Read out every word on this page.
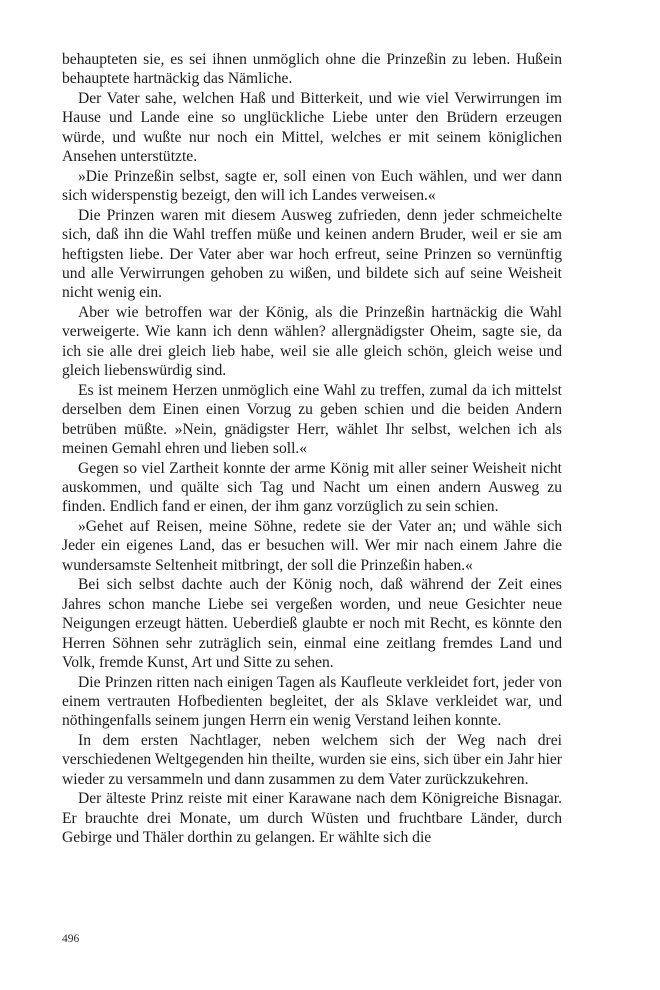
behaupteten sie, es sei ihnen unmöglich ohne die Prinzeßin zu leben. Hußein behauptete hartnäckig das Nämliche.

Der Vater sahe, welchen Haß und Bitterkeit, und wie viel Verwirrungen im Hause und Lande eine so unglückliche Liebe unter den Brüdern erzeugen würde, und wußte nur noch ein Mittel, welches er mit seinem königlichen Ansehen unterstützte.

»Die Prinzeßin selbst, sagte er, soll einen von Euch wählen, und wer dann sich widerspenstig bezeigt, den will ich Landes verweisen.«

Die Prinzen waren mit diesem Ausweg zufrieden, denn jeder schmeichelte sich, daß ihn die Wahl treffen müße und keinen andern Bruder, weil er sie am heftigsten liebe. Der Vater aber war hoch erfreut, seine Prinzen so vernünftig und alle Verwirrungen gehoben zu wißen, und bildete sich auf seine Weisheit nicht wenig ein.

Aber wie betroffen war der König, als die Prinzeßin hartnäckig die Wahl verweigerte. Wie kann ich denn wählen? allergnädigster Oheim, sagte sie, da ich sie alle drei gleich lieb habe, weil sie alle gleich schön, gleich weise und gleich liebenswürdig sind.

Es ist meinem Herzen unmöglich eine Wahl zu treffen, zumal da ich mittelst derselben dem Einen einen Vorzug zu geben schien und die beiden Andern betrüben müßte. »Nein, gnädigster Herr, wählet Ihr selbst, welchen ich als meinen Gemahl ehren und lieben soll.«

Gegen so viel Zartheit konnte der arme König mit aller seiner Weisheit nicht auskommen, und quälte sich Tag und Nacht um einen andern Ausweg zu finden. Endlich fand er einen, der ihm ganz vorzüglich zu sein schien.

»Gehet auf Reisen, meine Söhne, redete sie der Vater an; und wähle sich Jeder ein eigenes Land, das er besuchen will. Wer mir nach einem Jahre die wundersamste Seltenheit mitbringt, der soll die Prinzeßin haben.«

Bei sich selbst dachte auch der König noch, daß während der Zeit eines Jahres schon manche Liebe sei vergeßen worden, und neue Gesichter neue Neigungen erzeugt hätten. Ueberdieß glaubte er noch mit Recht, es könnte den Herren Söhnen sehr zuträglich sein, einmal eine zeitlang fremdes Land und Volk, fremde Kunst, Art und Sitte zu sehen.

Die Prinzen ritten nach einigen Tagen als Kaufleute verkleidet fort, jeder von einem vertrauten Hofbedienten begleitet, der als Sklave verkleidet war, und nöthingenfalls seinem jungen Herrn ein wenig Verstand leihen konnte.

In dem ersten Nachtlager, neben welchem sich der Weg nach drei verschiedenen Weltgegenden hin theilte, wurden sie eins, sich über ein Jahr hier wieder zu versammeln und dann zusammen zu dem Vater zurückzukehren.

Der älteste Prinz reiste mit einer Karawane nach dem Königreiche Bisnagar. Er brauchte drei Monate, um durch Wüsten und fruchtbare Länder, durch Gebirge und Thäler dorthin zu gelangen. Er wählte sich die

496
